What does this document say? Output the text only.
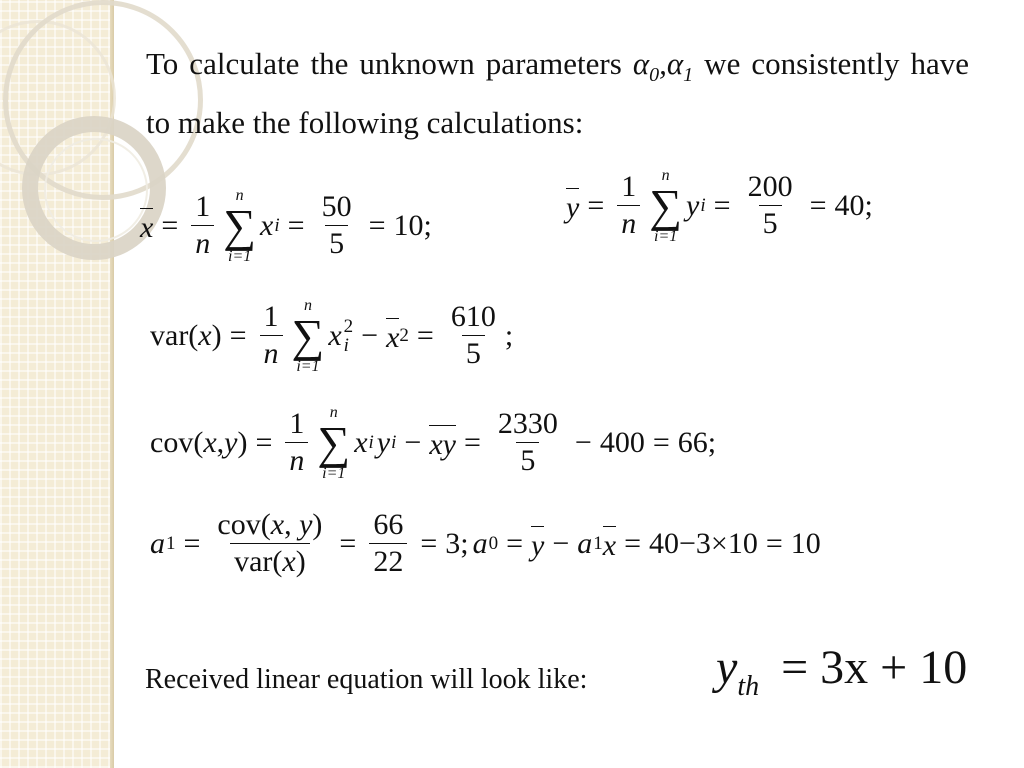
To calculate the unknown parameters $\alpha_0,\alpha_1$ we consistently have to make the following calculations:
$x = \frac{1}{n}$ n
∑
i=1
x $i = \frac{50}{5} = 10$ ;
$y = \frac{1}{n}$ n
∑
i=1
y $i = \frac{200}{5} = 40$ ;
var( x ) = $\frac{1}{n}$ n
∑
i=1
x 2
i − x $2 = \frac{610}{5}$ ;
cov( x , y ) = $\frac{1}{n}$ n
∑
i=1
x i y i − x $y = \frac{2330}{5} - 400 = 66$ ;
a $1 = \frac{\text{cov(x, y)}}{\text{var(x)}} = \frac{66}{22} = 3$ ; a 0 = y − a 1 x = 40−3×10 = 10
Received linear equation will look like:	$y_{th} = 3x + 10$
